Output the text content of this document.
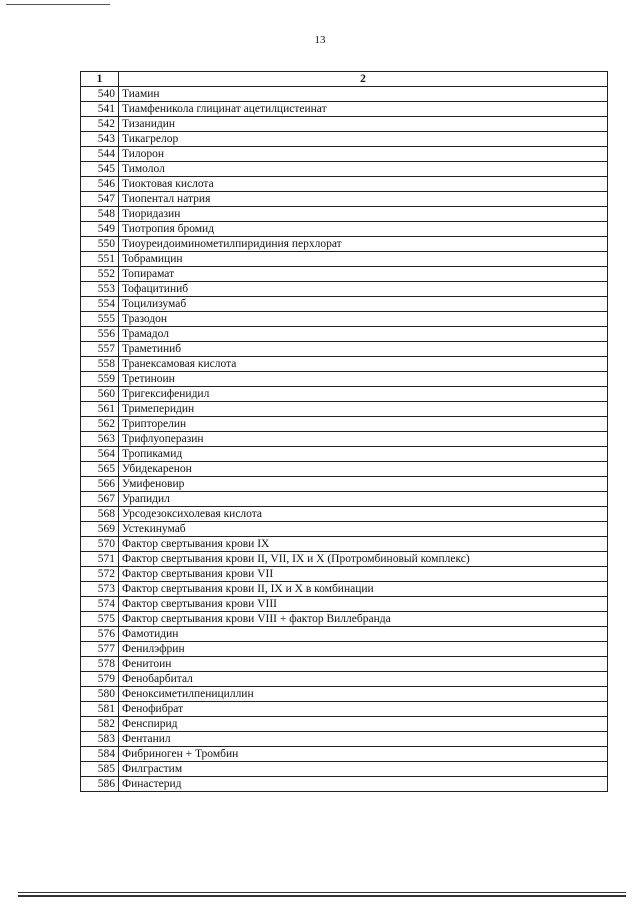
13
1	2
540	Тиамин
541	Тиамфеникола глицинат ацетилцистеинат
542	Тизанидин
543	Тикагрелор
544	Тилорон
545	Тимолол
546	Тиоктовая кислота
547	Тиопентал натрия
548	Тиоридазин
549	Тиотропия бромид
550	Тиоуреидоиминометилпиридиния перхлорат
551	Тобрамицин
552	Топирамат
553	Тофацитиниб
554	Тоцилизумаб
555	Тразодон
556	Трамадол
557	Траметиниб
558	Транексамовая кислота
559	Третиноин
560	Тригексифенидил
561	Тримеперидин
562	Трипторелин
563	Трифлуоперазин
564	Тропикамид
565	Убидекаренон
566	Умифеновир
567	Урапидил
568	Урсодезоксихолевая кислота
569	Устекинумаб
570	Фактор свертывания крови IX
571	Фактор свертывания крови II, VII, IX и X (Протромбиновый комплекс)
572	Фактор свертывания крови VII
573	Фактор свертывания крови II, IX и X в комбинации
574	Фактор свертывания крови VIII
575	Фактор свертывания крови VIII + фактор Виллебранда
576	Фамотидин
577	Фенилэфрин
578	Фенитоин
579	Фенобарбитал
580	Феноксиметилпенициллин
581	Фенофибрат
582	Фенспирид
583	Фентанил
584	Фибриноген + Тромбин
585	Филграстим
586	Финастерид
